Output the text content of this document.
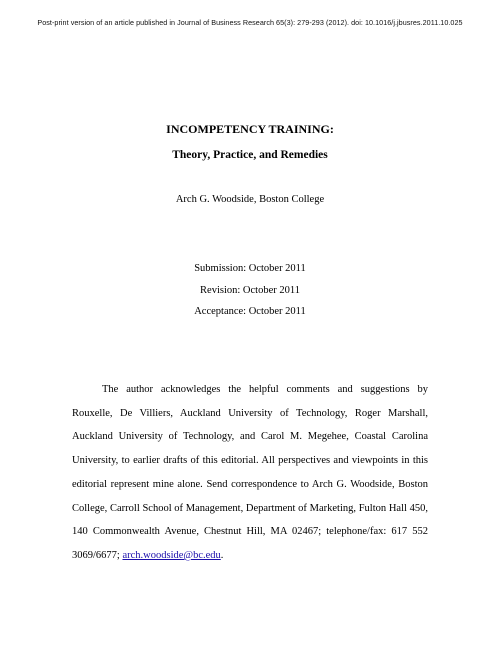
Post-print version of an article published in Journal of Business Research 65(3): 279-293 (2012). doi: 10.1016/j.jbusres.2011.10.025
INCOMPETENCY TRAINING:
Theory, Practice, and Remedies
Arch G. Woodside, Boston College
Submission: October 2011
Revision: October 2011
Acceptance: October 2011

The author acknowledges the helpful comments and suggestions by Rouxelle, De Villiers, Auckland University of Technology, Roger Marshall, Auckland University of Technology, and Carol M. Megehee, Coastal Carolina University, to earlier drafts of this editorial. All perspectives and viewpoints in this editorial represent mine alone. Send correspondence to Arch G. Woodside, Boston College, Carroll School of Management, Department of Marketing, Fulton Hall 450, 140 Commonwealth Avenue, Chestnut Hill, MA 02467; telephone/fax: 617 552 3069/6677; arch.woodside@bc.edu.
